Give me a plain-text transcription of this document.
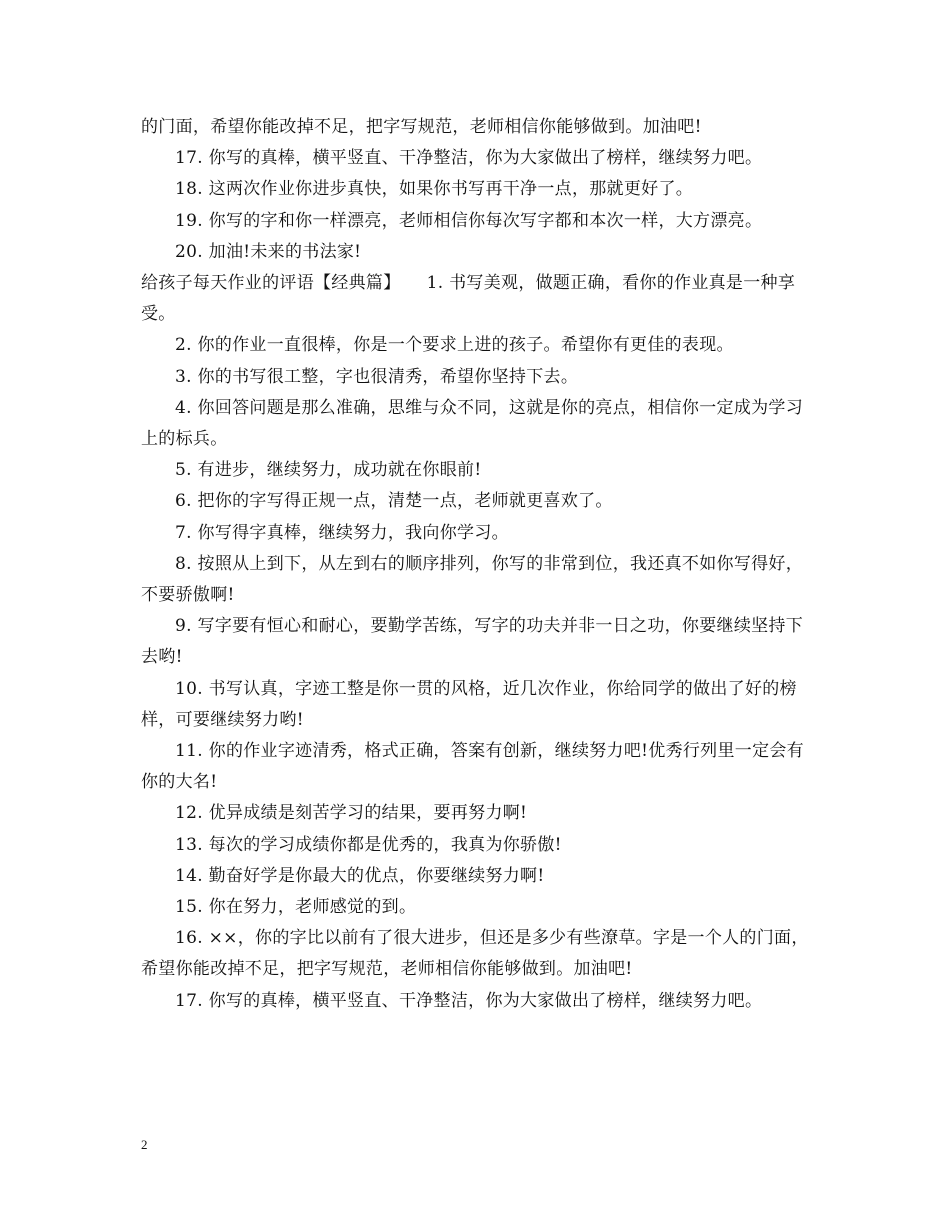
的门面，希望你能改掉不足，把字写规范，老师相信你能够做到。加油吧!

17. 你写的真棒，横平竖直、干净整洁，你为大家做出了榜样，继续努力吧。

18. 这两次作业你进步真快，如果你书写再干净一点，那就更好了。

19. 你写的字和你一样漂亮，老师相信你每次写字都和本次一样，大方漂亮。

20. 加油!未来的书法家!

给孩子每天作业的评语【经典篇】　　1. 书写美观，做题正确，看你的作业真是一种享受。

2. 你的作业一直很棒，你是一个要求上进的孩子。希望你有更佳的表现。

3. 你的书写很工整，字也很清秀，希望你坚持下去。

4. 你回答问题是那么准确，思维与众不同，这就是你的亮点，相信你一定成为学习上的标兵。

5. 有进步，继续努力，成功就在你眼前!

6. 把你的字写得正规一点，清楚一点，老师就更喜欢了。

7. 你写得字真棒，继续努力，我向你学习。

8. 按照从上到下，从左到右的顺序排列，你写的非常到位，我还真不如你写得好，不要骄傲啊!

9. 写字要有恒心和耐心，要勤学苦练，写字的功夫并非一日之功，你要继续坚持下去哟!

10. 书写认真，字迹工整是你一贯的风格，近几次作业，你给同学的做出了好的榜样，可要继续努力哟!

11. 你的作业字迹清秀，格式正确，答案有创新，继续努力吧!优秀行列里一定会有你的大名!

12. 优异成绩是刻苦学习的结果，要再努力啊!

13. 每次的学习成绩你都是优秀的，我真为你骄傲!

14. 勤奋好学是你最大的优点，你要继续努力啊!

15. 你在努力，老师感觉的到。

16. ××，你的字比以前有了很大进步，但还是多少有些潦草。字是一个人的门面，希望你能改掉不足，把字写规范，老师相信你能够做到。加油吧!

17. 你写的真棒，横平竖直、干净整洁，你为大家做出了榜样，继续努力吧。

2
